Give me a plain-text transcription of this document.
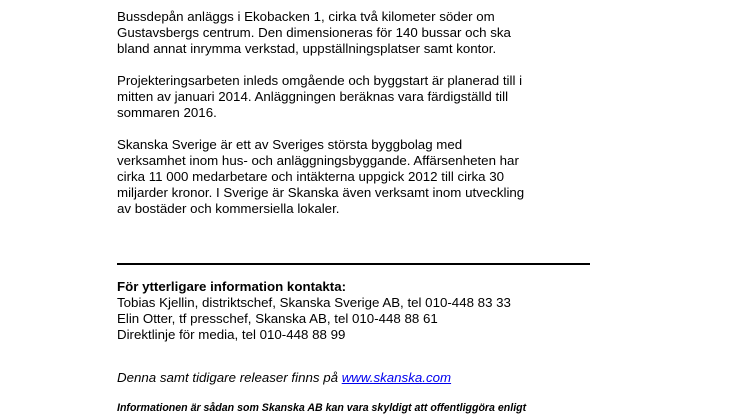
Bussdepån anläggs i Ekobacken 1, cirka två kilometer söder om
Gustavsbergs centrum. Den dimensioneras för 140 bussar och ska
bland annat inrymma verkstad, uppställningsplatser samt kontor.

Projekteringsarbeten inleds omgående och byggstart är planerad till i
mitten av januari 2014. Anläggningen beräknas vara färdigställd till
sommaren 2016.

Skanska Sverige är ett av Sveriges största byggbolag med
verksamhet inom hus- och anläggningsbyggande. Affärsenheten har
cirka 11 000 medarbetare och intäkterna uppgick 2012 till cirka 30
miljarder kronor. I Sverige är Skanska även verksamt inom utveckling
av bostäder och kommersiella lokaler.

För ytterligare information kontakta:

Tobias Kjellin, distriktschef, Skanska Sverige AB, tel 010-448 83 33

Elin Otter, tf presschef, Skanska AB, tel 010-448 88 61

Direktlinje för media, tel 010-448 88 99

Denna samt tidigare releaser finns på www.skanska.com
Informationen är sådan som Skanska AB kan vara skyldigt att offentliggöra enligt
